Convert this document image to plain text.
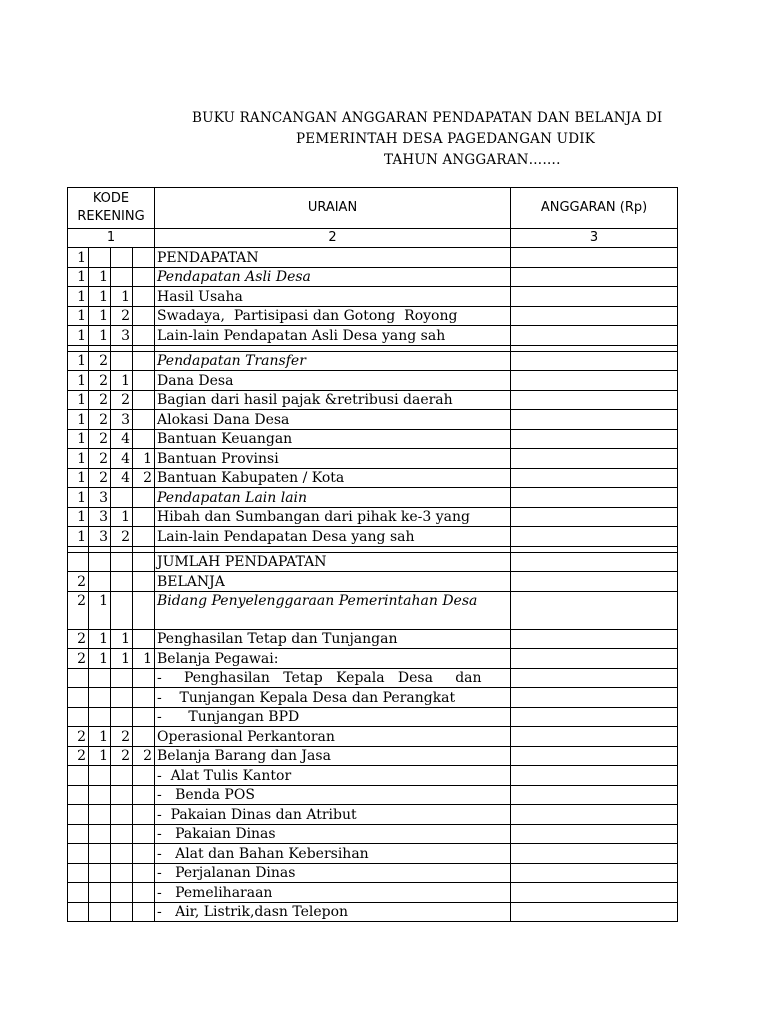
BUKU RANCANGAN ANGGARAN PENDAPATAN DAN BELANJA DI
PEMERINTAH DESA PAGEDANGAN UDIK
TAHUN ANGGARAN…….
KODE REKENING				URAIAN	ANGGARAN (Rp)
1				2	3
1				PENDAPATAN	
1	1			Pendapatan Asli Desa	
1	1	1		Hasil Usaha	
1	1	2		Swadaya,  Partisipasi dan Gotong  Royong	
1	1	3		Lain-lain Pendapatan Asli Desa yang sah	

1	2			Pendapatan Transfer	
1	2	1		Dana Desa	
1	2	2		Bagian dari hasil pajak &retribusi daerah	
1	2	3		Alokasi Dana Desa	
1	2	4		Bantuan Keuangan	
1	2	4	1	Bantuan Provinsi	
1	2	4	2	Bantuan Kabupaten / Kota	
1	3			Pendapatan Lain lain	
1	3	1		Hibah dan Sumbangan dari pihak ke-3 yang	
1	3	2		Lain-lain Pendapatan Desa yang sah	

				JUMLAH PENDAPATAN	
2				BELANJA	
2	1			Bidang Penyelenggaraan Pemerintahan Desa	
2	1	1		Penghasilan Tetap dan Tunjangan	
2	1	1	1	Belanja Pegawai:	
				-     Penghasilan   Tetap   Kepala   Desa     dan	
				-    Tunjangan Kepala Desa dan Perangkat	
				-      Tunjangan BPD	
2	1	2		Operasional Perkantoran	
2	1	2	2	Belanja Barang dan Jasa	
				-  Alat Tulis Kantor	
				-   Benda POS	
				-  Pakaian Dinas dan Atribut	
				-   Pakaian Dinas	
				-   Alat dan Bahan Kebersihan	
				-   Perjalanan Dinas	
				-   Pemeliharaan	
				-   Air, Listrik,dasn Telepon	
